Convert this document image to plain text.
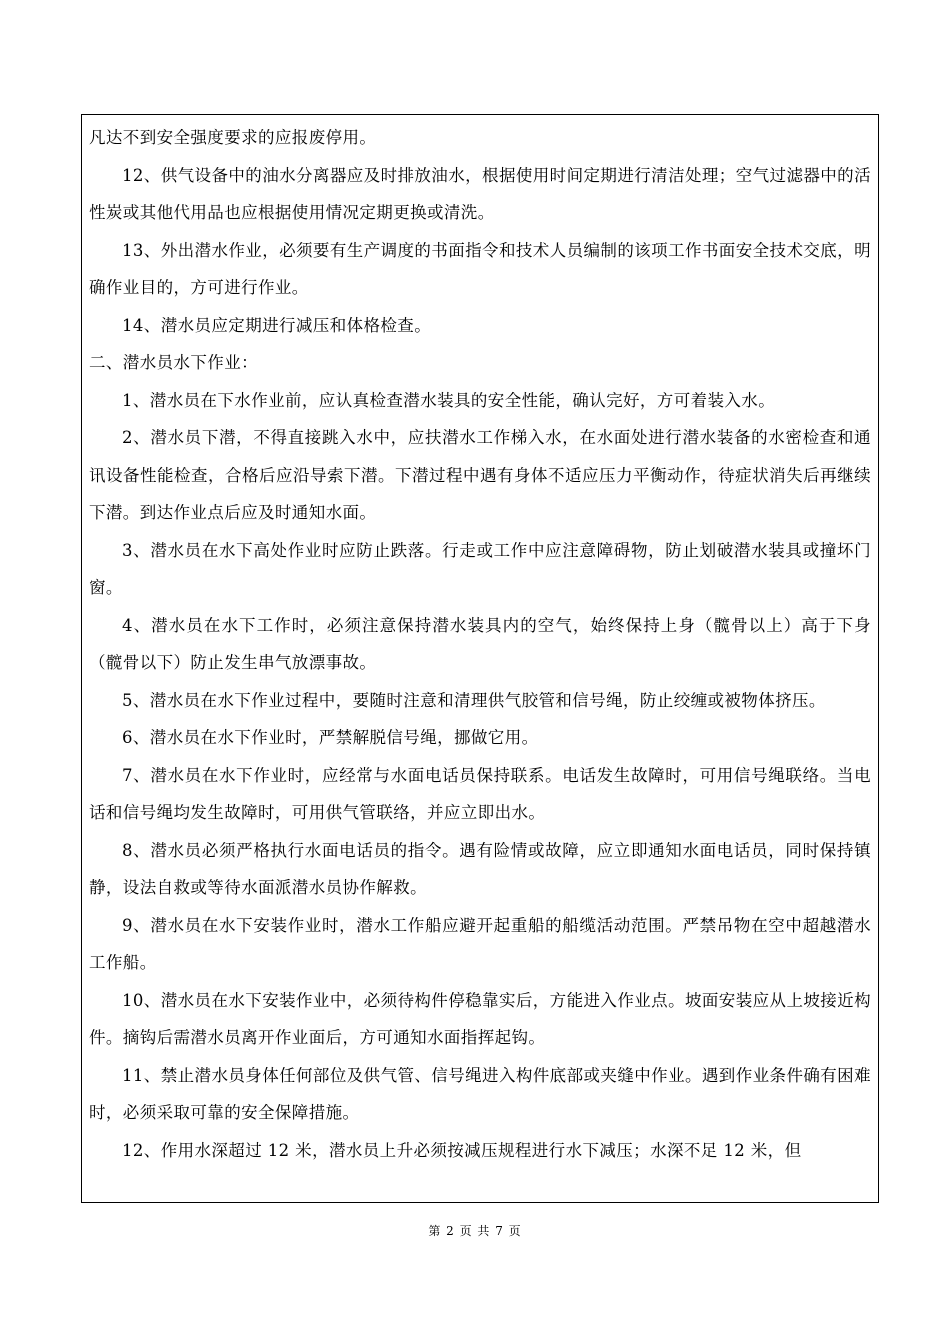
凡达不到安全强度要求的应报废停用。

12、供气设备中的油水分离器应及时排放油水，根据使用时间定期进行清洁处理；空气过滤器中的活性炭或其他代用品也应根据使用情况定期更换或清洗。

13、外出潜水作业，必须要有生产调度的书面指令和技术人员编制的该项工作书面安全技术交底，明确作业目的，方可进行作业。

14、潜水员应定期进行减压和体格检查。

二、潜水员水下作业：

1、潜水员在下水作业前，应认真检查潜水装具的安全性能，确认完好，方可着装入水。

2、潜水员下潜，不得直接跳入水中，应扶潜水工作梯入水，在水面处进行潜水装备的水密检查和通讯设备性能检查，合格后应沿导索下潜。下潜过程中遇有身体不适应压力平衡动作，待症状消失后再继续下潜。到达作业点后应及时通知水面。

3、潜水员在水下高处作业时应防止跌落。行走或工作中应注意障碍物，防止划破潜水装具或撞坏门窗。

4、潜水员在水下工作时，必须注意保持潜水装具内的空气，始终保持上身（髋骨以上）高于下身（髋骨以下）防止发生串气放漂事故。

5、潜水员在水下作业过程中，要随时注意和清理供气胶管和信号绳，防止绞缠或被物体挤压。

6、潜水员在水下作业时，严禁解脱信号绳，挪做它用。

7、潜水员在水下作业时，应经常与水面电话员保持联系。电话发生故障时，可用信号绳联络。当电话和信号绳均发生故障时，可用供气管联络，并应立即出水。

8、潜水员必须严格执行水面电话员的指令。遇有险情或故障，应立即通知水面电话员，同时保持镇静，设法自救或等待水面派潜水员协作解救。

9、潜水员在水下安装作业时，潜水工作船应避开起重船的船缆活动范围。严禁吊物在空中超越潜水工作船。

10、潜水员在水下安装作业中，必须待构件停稳靠实后，方能进入作业点。坡面安装应从上坡接近构件。摘钩后需潜水员离开作业面后，方可通知水面指挥起钩。

11、禁止潜水员身体任何部位及供气管、信号绳进入构件底部或夹缝中作业。遇到作业条件确有困难时，必须采取可靠的安全保障措施。

12、作用水深超过 12 米，潜水员上升必须按减压规程进行水下减压；水深不足 12 米，但

第 2 页 共 7 页
